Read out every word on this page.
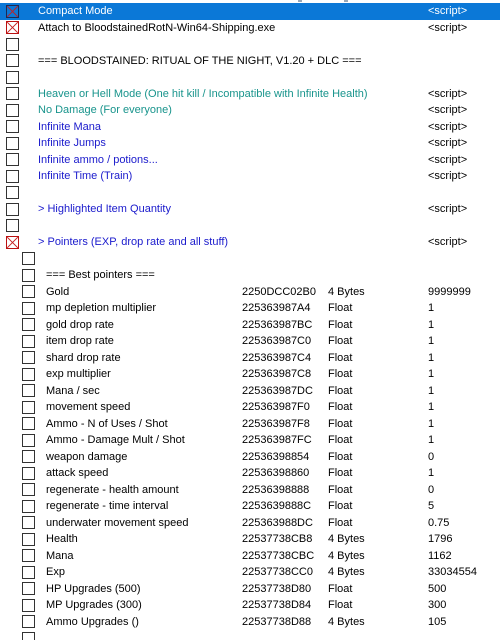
Compact Mode	<script>
Attach to BloodstainedRotN-Win64-Shipping.exe	<script>
=== BLOODSTAINED: RITUAL OF THE NIGHT, V1.20 + DLC ===
Heaven or Hell Mode (One hit kill / Incompatible with Infinite Health)	<script>
No Damage (For everyone)	<script>
Infinite Mana	<script>
Infinite Jumps	<script>
Infinite ammo / potions...	<script>
Infinite Time (Train)	<script>
> Highlighted Item Quantity	<script>
> Pointers (EXP, drop rate and all stuff)	<script>
=== Best pointers ===
Gold	2250DCC02B0 4 Bytes	9999999
mp depletion multiplier	225363987A4 Float	1
gold drop rate	225363987BC Float	1
item drop rate	225363987C0 Float	1
shard drop rate	225363987C4 Float	1
exp multiplier	225363987C8 Float	1
Mana / sec	225363987DC Float	1
movement speed	225363987F0 Float	1
Ammo - N of Uses / Shot	225363987F8 Float	1
Ammo - Damage Mult / Shot	225363987FC Float	1
weapon damage	22536398854 Float	0
attack speed	22536398860 Float	1
regenerate - health amount	22536398888 Float	0
regenerate - time interval	2253639888C Float	5
underwater movement speed	225363988DC Float	0.75
Health	22537738CB8 4 Bytes	1796
Mana	22537738CBC 4 Bytes	1162
Exp	22537738CC0 4 Bytes	33034554
HP Upgrades (500)	22537738D80 Float	500
MP Upgrades (300)	22537738D84 Float	300
Ammo Upgrades ()	22537738D88 4 Bytes	105
